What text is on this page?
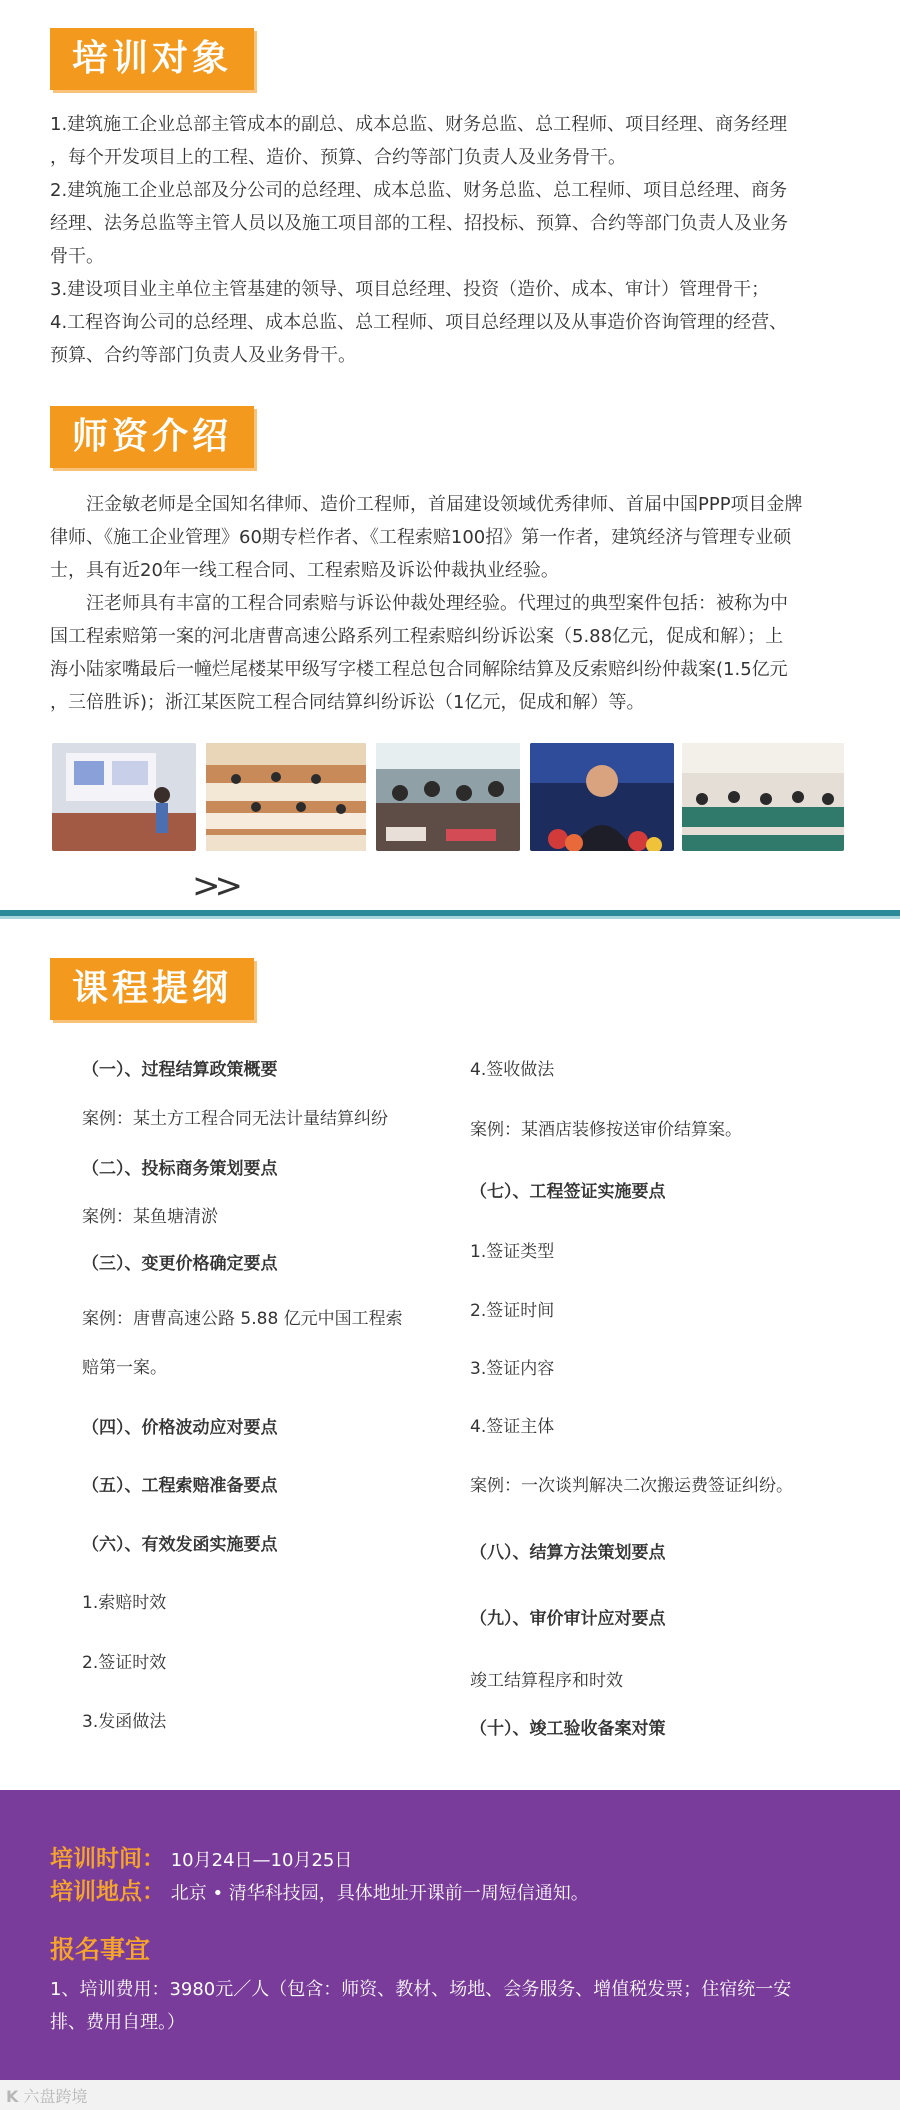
培训对象

1.建筑施工企业总部主管成本的副总、成本总监、财务总监、总工程师、项目经理、商务经理

，每个开发项目上的工程、造价、预算、合约等部门负责人及业务骨干。

2.建筑施工企业总部及分公司的总经理、成本总监、财务总监、总工程师、项目总经理、商务

经理、法务总监等主管人员以及施工项目部的工程、招投标、预算、合约等部门负责人及业务

骨干。

3.建设项目业主单位主管基建的领导、项目总经理、投资（造价、成本、审计）管理骨干；

4.工程咨询公司的总经理、成本总监、总工程师、项目总经理以及从事造价咨询管理的经营、

预算、合约等部门负责人及业务骨干。

师资介绍

汪金敏老师是全国知名律师、造价工程师，首届建设领域优秀律师、首届中国PPP项目金牌

律师、《施工企业管理》60期专栏作者、《工程索赔100招》第一作者，建筑经济与管理专业硕

士，具有近20年一线工程合同、工程索赔及诉讼仲裁执业经验。

汪老师具有丰富的工程合同索赔与诉讼仲裁处理经验。代理过的典型案件包括：被称为中

国工程索赔第一案的河北唐曹高速公路系列工程索赔纠纷诉讼案（5.88亿元，促成和解）；上

海小陆家嘴最后一幢烂尾楼某甲级写字楼工程总包合同解除结算及反索赔纠纷仲裁案(1.5亿元

，三倍胜诉)；浙江某医院工程合同结算纠纷诉讼（1亿元，促成和解）等。

>>
课程提纲
（一）、过程结算政策概要
案例：某土方工程合同无法计量结算纠纷
（二）、投标商务策划要点
案例：某鱼塘清淤
（三）、变更价格确定要点
案例：唐曹高速公路 5.88 亿元中国工程索
赔第一案。
（四）、价格波动应对要点
（五）、工程索赔准备要点
（六）、有效发函实施要点
1.索赔时效
2.签证时效
3.发函做法
4.签收做法
案例：某酒店装修按送审价结算案。
（七）、工程签证实施要点
1.签证类型
2.签证时间
3.签证内容
4.签证主体
案例：一次谈判解决二次搬运费签证纠纷。
（八）、结算方法策划要点
（九）、审价审计应对要点
竣工结算程序和时效
（十）、竣工验收备案对策
培训时间： 10月24日—10月25日
培训地点： 北京 • 清华科技园，具体地址开课前一周短信通知。
报名事宜
1、培训费用：3980元／人（包含：师资、教材、场地、会务服务、增值税发票；住宿统一安
排、费用自理。）
K 六盘跨境
